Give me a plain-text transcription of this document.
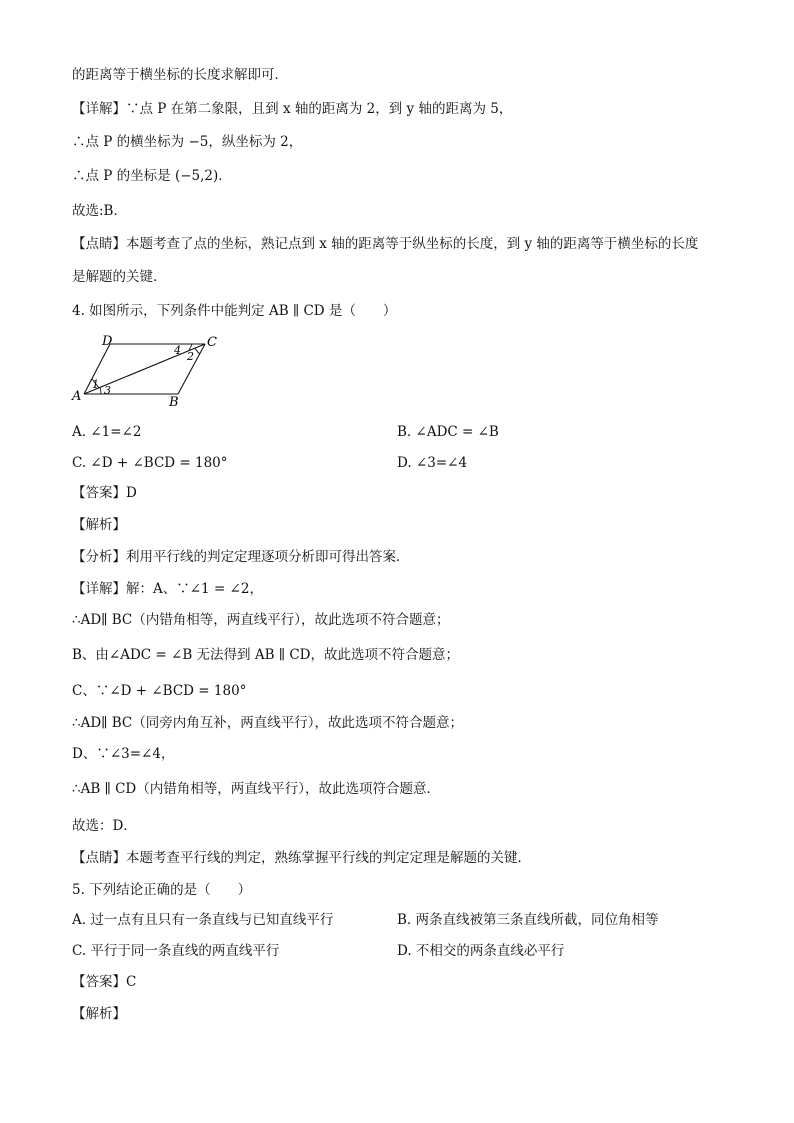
的距离等于横坐标的长度求解即可．
【详解】∵点 P 在第二象限，且到 x 轴的距离为 2，到 y 轴的距离为 5，
∴点 P 的横坐标为 −5，纵坐标为 2，
∴点 P 的坐标是 (−5,2)．
故选:B．
【点睛】本题考查了点的坐标，熟记点到 x 轴的距离等于纵坐标的长度，到 y 轴的距离等于横坐标的长度
是解题的关键．
4. 如图所示，下列条件中能判定 AB ∥ CD 是（　　）
D	C
A	B
1 3
4 2
A. ∠1=∠2	B. ∠ADC = ∠B
C. ∠D + ∠BCD = 180°	D. ∠3=∠4
【答案】D
【解析】
【分析】利用平行线的判定定理逐项分析即可得出答案．
【详解】解：A、∵∠1 = ∠2，
∴AD∥ BC（内错角相等，两直线平行），故此选项不符合题意；
B、由∠ADC = ∠B 无法得到 AB ∥ CD，故此选项不符合题意；
C、∵∠D + ∠BCD = 180°
∴AD∥ BC（同旁内角互补，两直线平行），故此选项不符合题意；
D、∵∠3=∠4，
∴AB ∥ CD（内错角相等，两直线平行），故此选项符合题意．
故选：D．
【点睛】本题考查平行线的判定，熟练掌握平行线的判定定理是解题的关键．
5. 下列结论正确的是（　　）
A. 过一点有且只有一条直线与已知直线平行	B. 两条直线被第三条直线所截，同位角相等
C. 平行于同一条直线的两直线平行	D. 不相交的两条直线必平行
【答案】C
【解析】
